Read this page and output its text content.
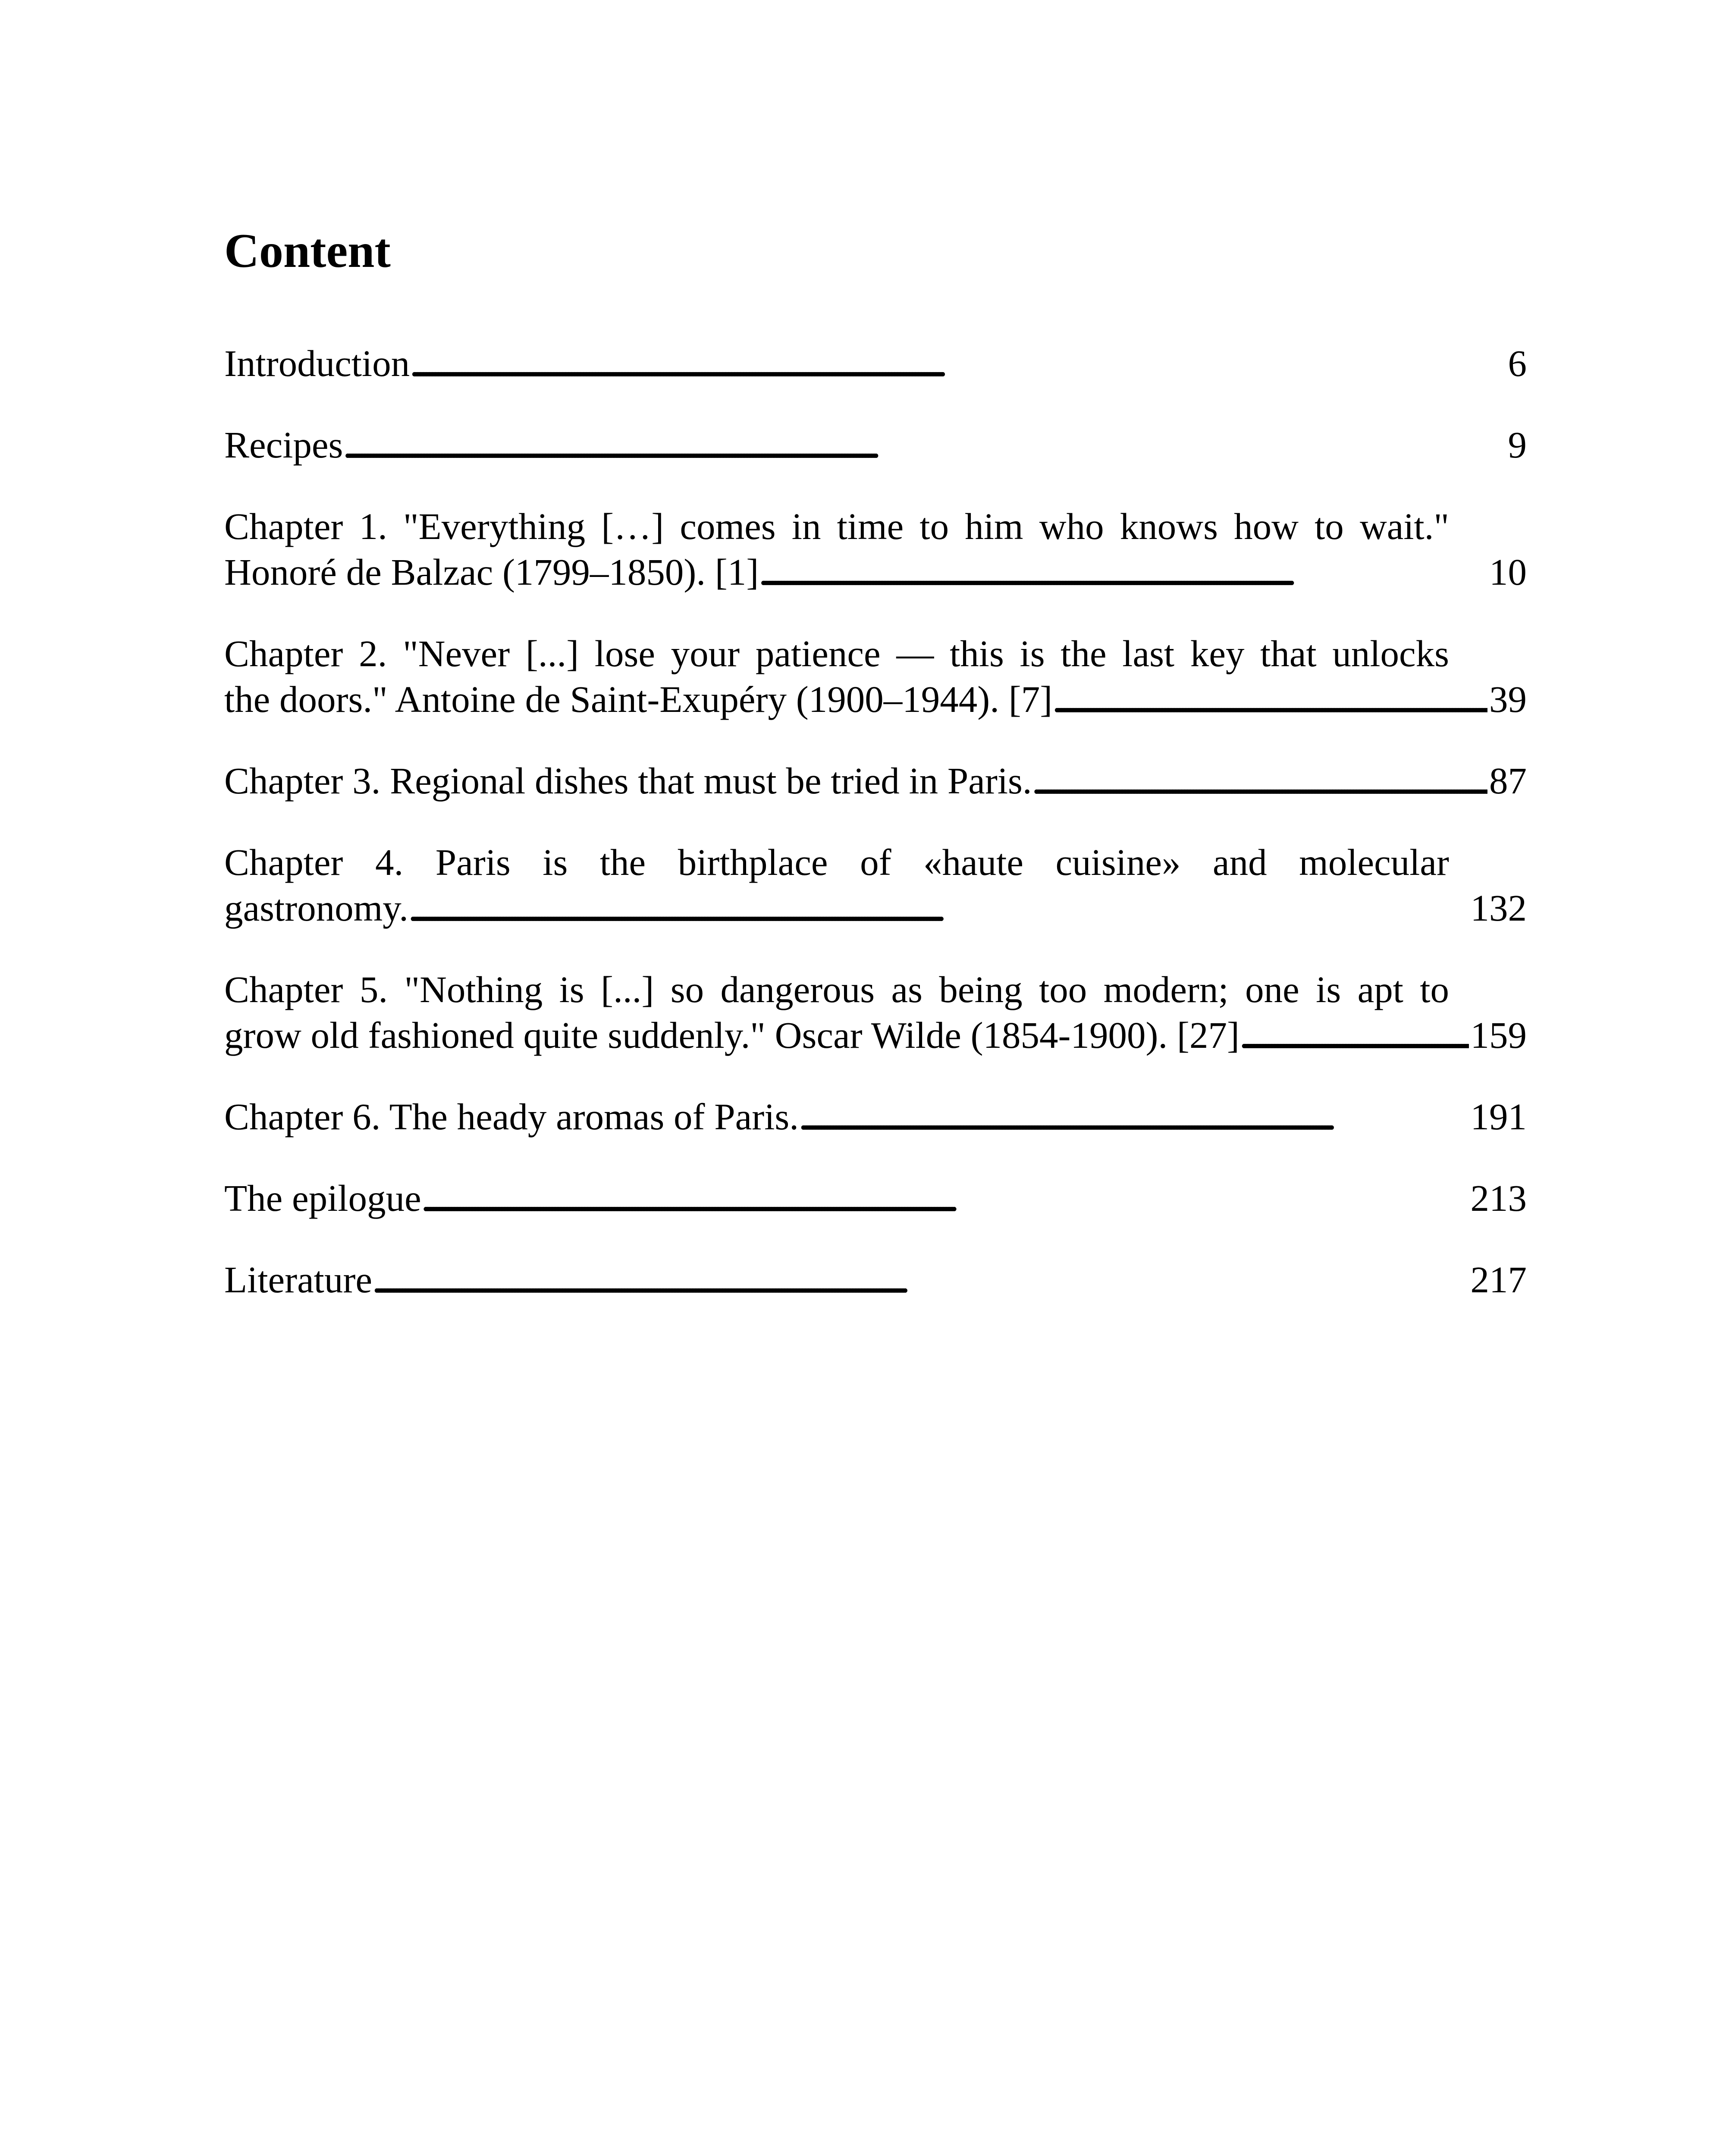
Content
Introduction . . .	6
Recipes . . .	9
Chapter 1. "Everything […] comes in time to him who knows how to wait."
Honoré de Balzac (1799–1850). [1] . . .	10
Chapter 2. "Never [...] lose your patience — this is the last key that unlocks
the doors." Antoine de Saint-Exupéry (1900–1944). [7] . . .	39
Chapter 3. Regional dishes that must be tried in Paris. . . .	87
Chapter 4. Paris is the birthplace of «haute cuisine» and molecular
gastronomy. . . .	132
Chapter 5. "Nothing is [...] so dangerous as being too modern; one is apt to
grow old fashioned quite suddenly." Oscar Wilde (1854-1900). [27] . . .	159
Chapter 6. The heady aromas of Paris. . . .	191
The epilogue . . .	213
Literature . . .	217
